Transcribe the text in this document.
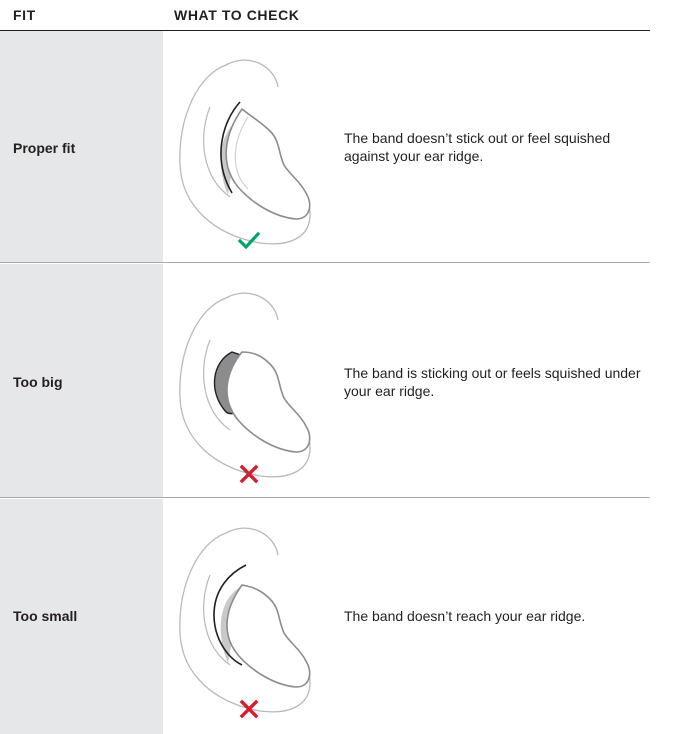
FIT	WHAT TO CHECK
Proper fit
The band doesn’t stick out or feel squished against your ear ridge.
Too big
The band is sticking out or feels squished under your ear ridge.
Too small	The band doesn’t reach your ear ridge.
